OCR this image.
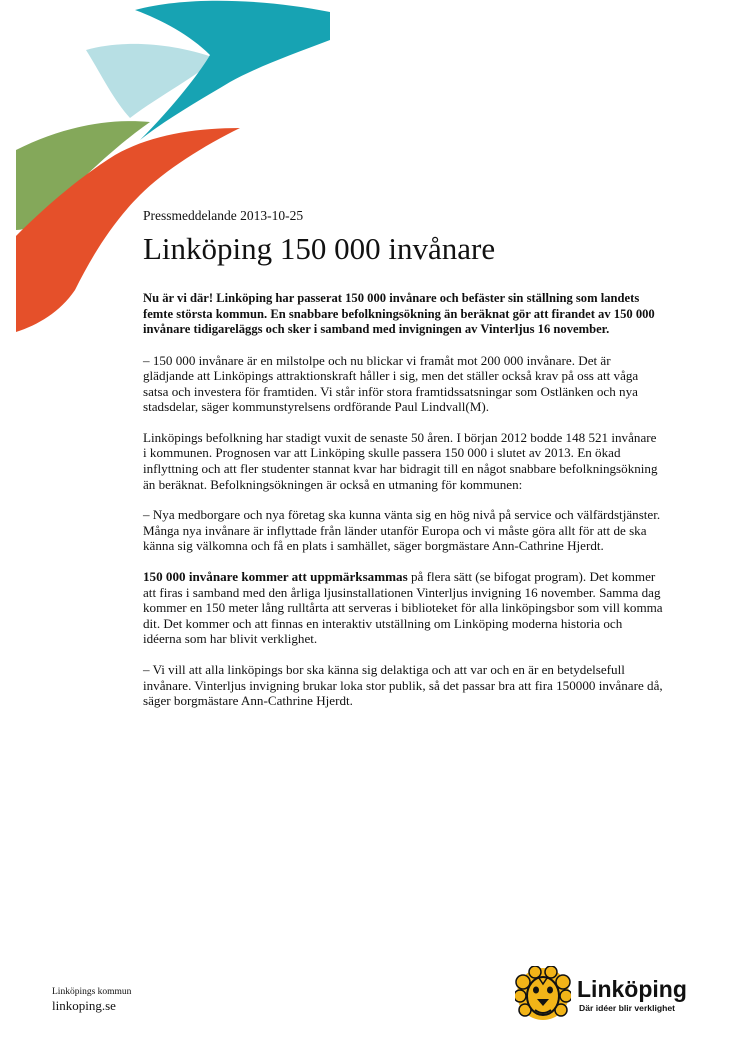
Pressmeddelande 2013-10-25

Linköping 150 000 invånare

Nu är vi där! Linköping har passerat 150 000 invånare och befäster sin ställning som landets femte största kommun. En snabbare befolkningsökning än beräknat gör att firandet av 150 000 invånare tidigareläggs och sker i samband med invigningen av Vinterljus 16 november.

– 150 000 invånare är en milstolpe och nu blickar vi framåt mot 200 000 invånare. Det är glädjande att Linköpings attraktionskraft håller i sig, men det ställer också krav på oss att våga satsa och investera för framtiden. Vi står inför stora framtidssatsningar som Ostlänken och nya stadsdelar, säger kommunstyrelsens ordförande Paul Lindvall(M).

Linköpings befolkning har stadigt vuxit de senaste 50 åren. I början 2012 bodde 148 521 invånare i kommunen. Prognosen var att Linköping skulle passera 150 000 i slutet av 2013. En ökad inflyttning och att fler studenter stannat kvar har bidragit till en något snabbare befolkningsökning än beräknat. Befolkningsökningen är också en utmaning för kommunen:

– Nya medborgare och nya företag ska kunna vänta sig en hög nivå på service och välfärdstjänster. Många nya invånare är inflyttade från länder utanför Europa och vi måste göra allt för att de ska känna sig välkomna och få en plats i samhället, säger borgmästare Ann-Cathrine Hjerdt.

150 000 invånare kommer att uppmärksammas på flera sätt (se bifogat program). Det kommer att firas i samband med den årliga ljusinstallationen Vinterljus invigning 16 november. Samma dag kommer en 150 meter lång rulltårta att serveras i biblioteket för alla linköpingsbor som vill komma dit. Det kommer och att finnas en interaktiv utställning om Linköping moderna historia och idéerna som har blivit verklighet.

– Vi vill att alla linköpings bor ska känna sig delaktiga och att var och en är en betydelsefull invånare. Vinterljus invigning brukar loka stor publik, så det passar bra att fira 150000 invånare då, säger borgmästare Ann-Cathrine Hjerdt.

Linköpings kommun

linkoping.se

Linköping

Där idéer blir verklighet
